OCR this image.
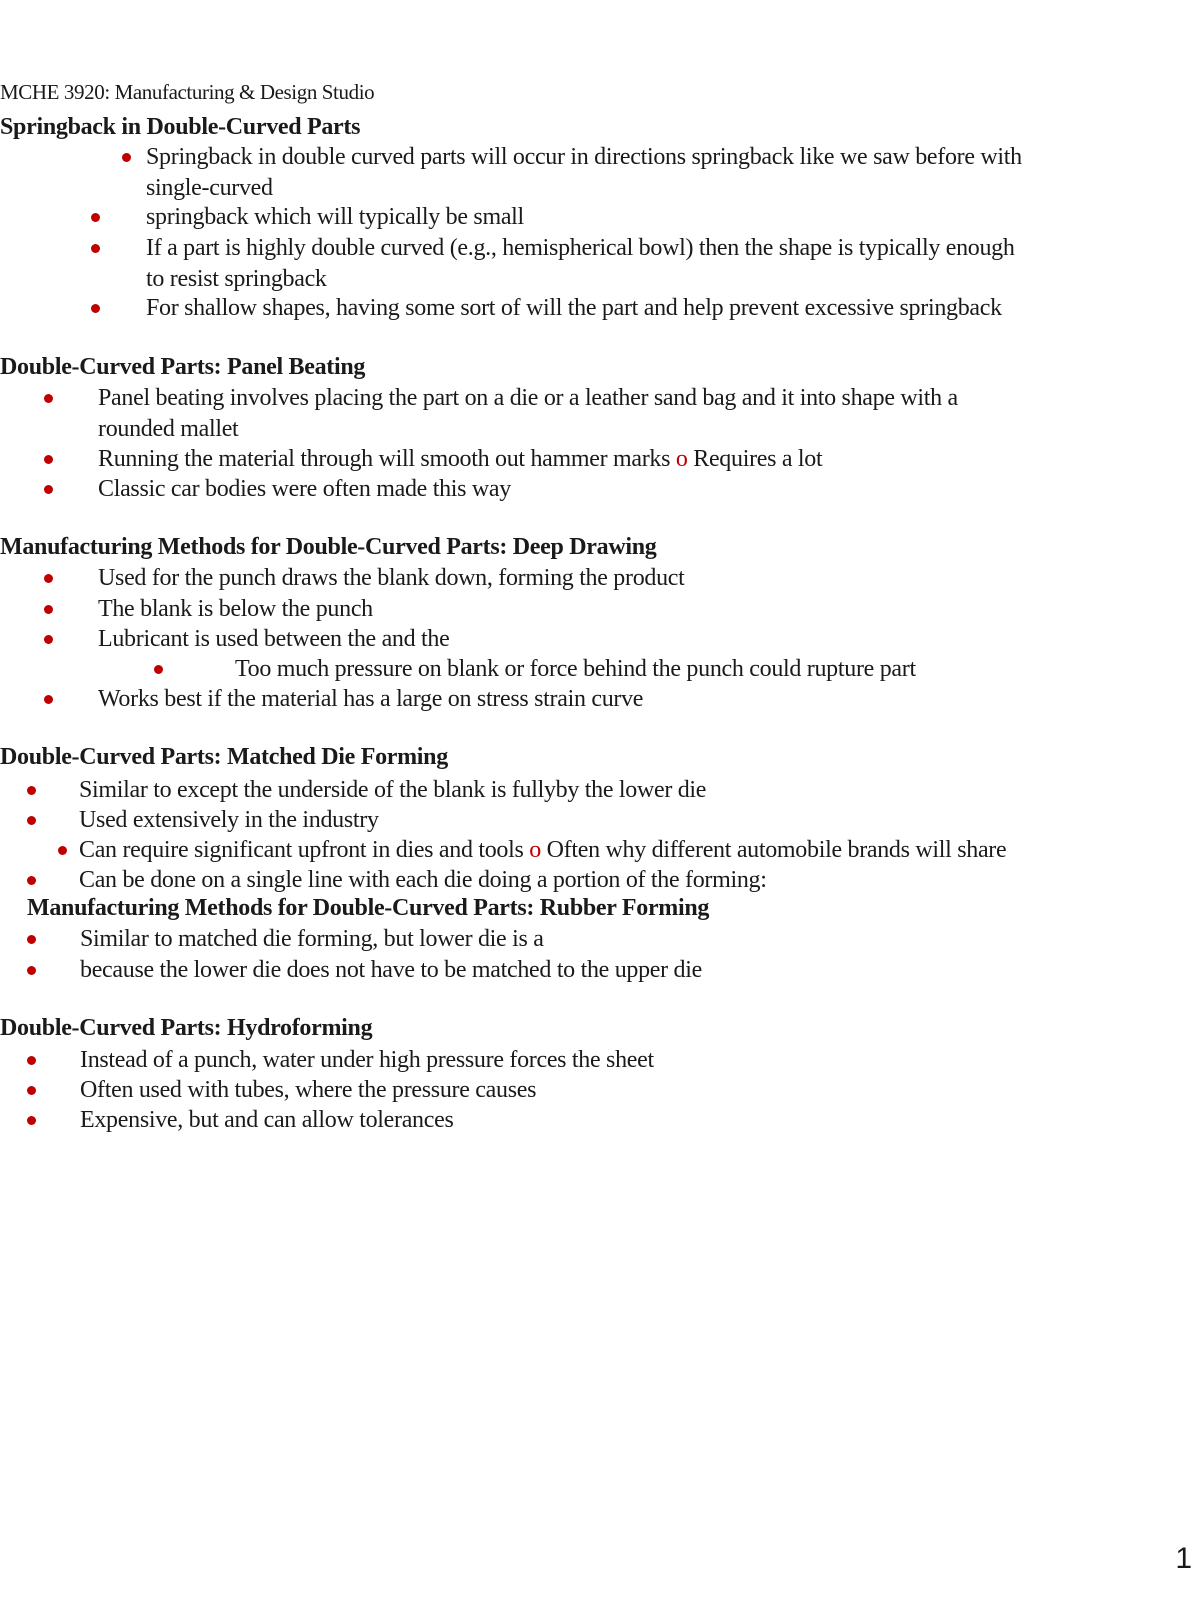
MCHE 3920: Manufacturing & Design Studio
Springback in Double-Curved Parts
Springback in double curved parts will occur in directions springback like we saw before with
single-curved
springback which will typically be small
If a part is highly double curved (e.g., hemispherical bowl) then the shape is typically enough
to resist springback
For shallow shapes, having some sort of will the part and help prevent excessive springback
Double-Curved Parts: Panel Beating
Panel beating involves placing the part on a die or a leather sand bag and it into shape with a
rounded mallet
Running the material through will smooth out hammer marks o Requires a lot
Classic car bodies were often made this way
Manufacturing Methods for Double-Curved Parts: Deep Drawing
Used for the punch draws the blank down, forming the product
The blank is below the punch
Lubricant is used between the and the
Too much pressure on blank or force behind the punch could rupture part
Works best if the material has a large on stress strain curve
Double-Curved Parts: Matched Die Forming
Similar to except the underside of the blank is fullyby the lower die
Used extensively in the industry
Can require significant upfront in dies and tools o Often why different automobile brands will share
Can be done on a single line with each die doing a portion of the forming:
Manufacturing Methods for Double-Curved Parts: Rubber Forming
Similar to matched die forming, but lower die is a
because the lower die does not have to be matched to the upper die
Double-Curved Parts: Hydroforming
Instead of a punch, water under high pressure forces the sheet
Often used with tubes, where the pressure causes
Expensive, but and can allow tolerances
1
